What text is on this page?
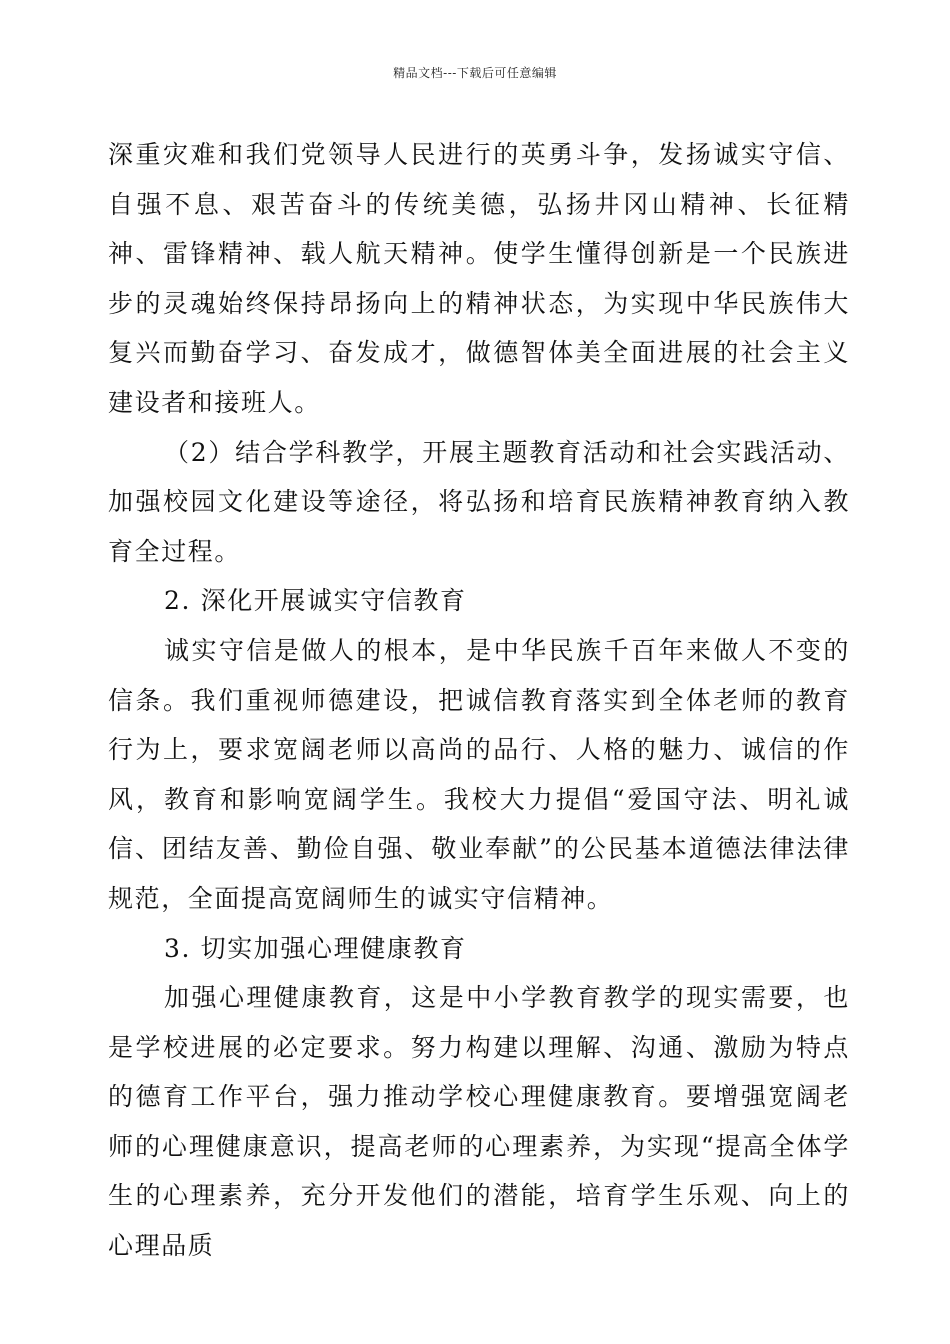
精品文档---下载后可任意编辑

深重灾难和我们党领导人民进行的英勇斗争，发扬诚实守信、自强不息、艰苦奋斗的传统美德，弘扬井冈山精神、长征精神、雷锋精神、载人航天精神。使学生懂得创新是一个民族进步的灵魂始终保持昂扬向上的精神状态，为实现中华民族伟大复兴而勤奋学习、奋发成才，做德智体美全面进展的社会主义建设者和接班人。

（2）结合学科教学，开展主题教育活动和社会实践活动、加强校园文化建设等途径，将弘扬和培育民族精神教育纳入教育全过程。

2. 深化开展诚实守信教育

诚实守信是做人的根本，是中华民族千百年来做人不变的信条。我们重视师德建设，把诚信教育落实到全体老师的教育行为上，要求宽阔老师以高尚的品行、人格的魅力、诚信的作风，教育和影响宽阔学生。我校大力提倡“爱国守法、明礼诚信、团结友善、勤俭自强、敬业奉献”的公民基本道德法律法律规范，全面提高宽阔师生的诚实守信精神。

3. 切实加强心理健康教育

加强心理健康教育，这是中小学教育教学的现实需要，也是学校进展的必定要求。努力构建以理解、沟通、激励为特点的德育工作平台，强力推动学校心理健康教育。要增强宽阔老师的心理健康意识，提高老师的心理素养，为实现“提高全体学生的心理素养，充分开发他们的潜能，培育学生乐观、向上的心理品质
